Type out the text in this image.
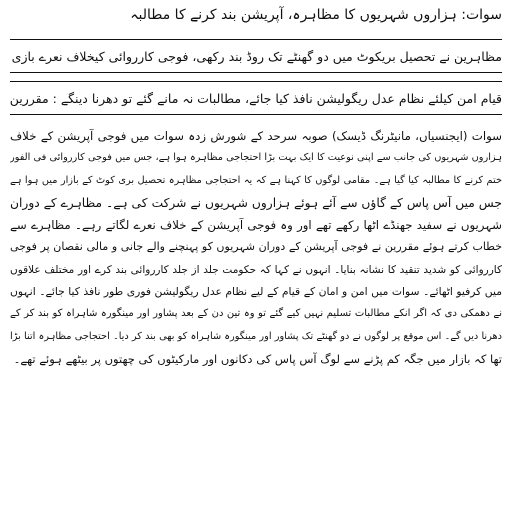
سوات: ہزاروں شہریوں کا مظاہرہ، آپریشن بند کرنے کا مطالبہ
مظاہرین نے تحصیل بریکوٹ میں دو گھنٹے تک روڈ بند رکھی، فوجی کارروائی کیخلاف نعرے بازی
قیام امن کیلئے نظام عدل ریگولیشن نافذ کیا جائے، مطالبات نہ مانے گئے تو دھرنا دینگے : مقررین
سوات (ایجنسیاں، مانیٹرنگ ڈیسک) صوبہ سرحد کے شورش زدہ سوات میں فوجی آپریشن کے خلاف
ہزاروں شہریوں کی جانب سے اپنی نوعیت کا ایک بہت بڑا احتجاجی مظاہرہ ہوا ہے، جس میں فوجی کارروائی فی الفور
ختم کرنے کا مطالبہ کیا گیا ہے۔ مقامی لوگوں کا کہنا ہے کہ یہ احتجاجی مظاہرہ تحصیل بری کوٹ کے بازار میں ہوا ہے
جس میں آس پاس کے گاؤں سے آئے ہوئے ہزاروں شہریوں نے شرکت کی ہے۔ مظاہرے کے دوران
شہریوں نے سفید جھنڈے اٹھا رکھے تھے اور وہ فوجی آپریشن کے خلاف نعرے لگاتے رہے۔ مظاہرے سے
خطاب کرتے ہوئے مقررین نے فوجی آپریشن کے دوران شہریوں کو پہنچنے والے جانی و مالی نقصان پر فوجی
کارروائی کو شدید تنقید کا نشانہ بنایا۔ انہوں نے کہا کہ حکومت جلد از جلد کارروائی بند کرے اور مختلف علاقوں
میں کرفیو اٹھائے۔ سوات میں امن و امان کے قیام کے لیے نظام عدل ریگولیشن فوری طور نافذ کیا جائے۔ انہوں
نے دھمکی دی کہ اگر انکے مطالبات تسلیم نہیں کیے گئے تو وہ تین دن کے بعد پشاور اور مینگورہ شاہراہ کو بند کر کے
دھرنا دیں گے۔ اس موقع پر لوگوں نے دو گھنٹے تک پشاور اور مینگورہ شاہراہ کو بھی بند کر دیا۔ احتجاجی مظاہرہ اتنا بڑا
تھا کہ بازار میں جگہ کم پڑنے سے لوگ آس پاس کی دکانوں اور مارکیٹوں کی چھتوں پر بیٹھے ہوئے تھے۔
